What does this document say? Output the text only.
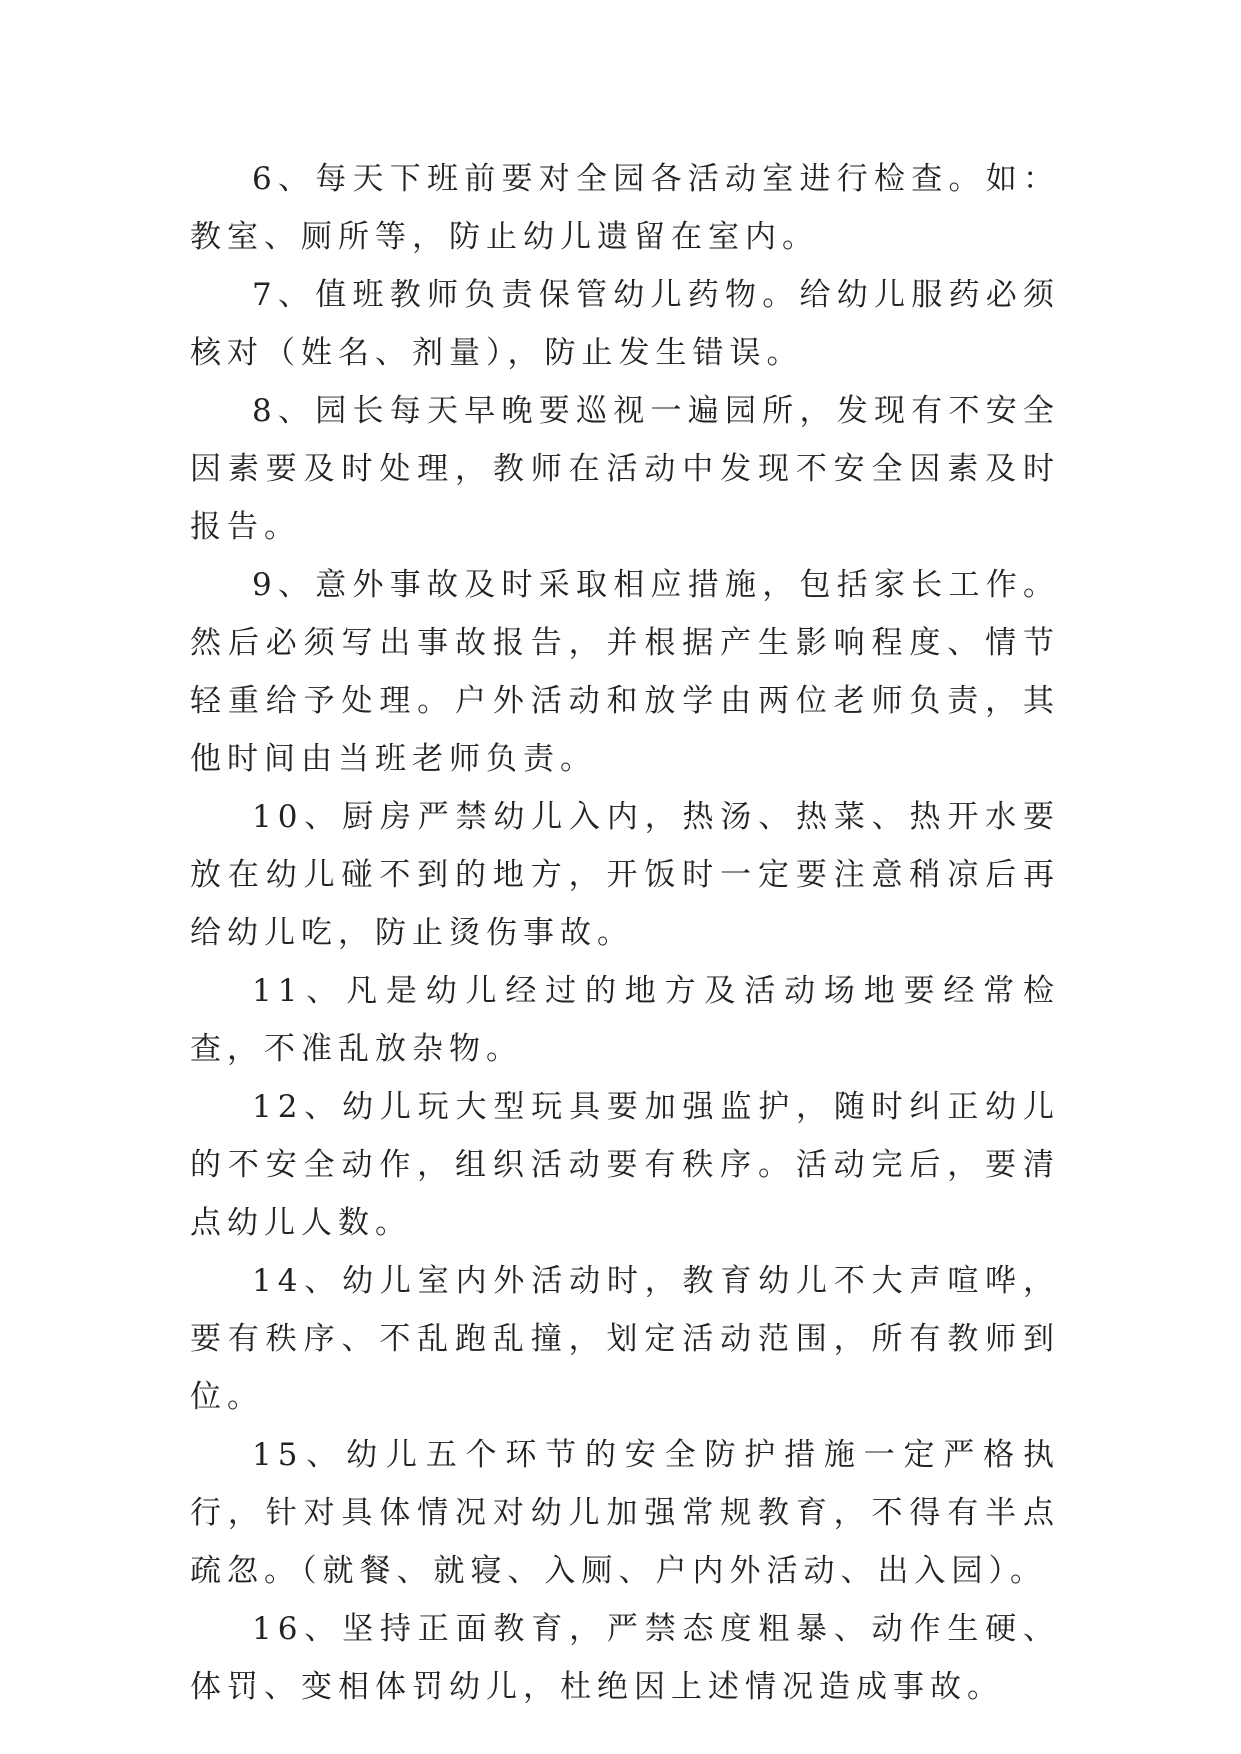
6、每天下班前要对全园各活动室进行检查。如：教室、厕所等，防止幼儿遗留在室内。

7、值班教师负责保管幼儿药物。给幼儿服药必须核对（姓名、剂量），防止发生错误。

8、园长每天早晚要巡视一遍园所，发现有不安全因素要及时处理，教师在活动中发现不安全因素及时报告。

9、意外事故及时采取相应措施，包括家长工作。然后必须写出事故报告，并根据产生影响程度、情节轻重给予处理。户外活动和放学由两位老师负责，其他时间由当班老师负责。

10、厨房严禁幼儿入内，热汤、热菜、热开水要放在幼儿碰不到的地方，开饭时一定要注意稍凉后再给幼儿吃，防止烫伤事故。

11、凡是幼儿经过的地方及活动场地要经常检查，不准乱放杂物。

12、幼儿玩大型玩具要加强监护，随时纠正幼儿的不安全动作，组织活动要有秩序。活动完后，要清点幼儿人数。

14、幼儿室内外活动时，教育幼儿不大声喧哗，要有秩序、不乱跑乱撞，划定活动范围，所有教师到位。

15、幼儿五个环节的安全防护措施一定严格执行，针对具体情况对幼儿加强常规教育，不得有半点疏忽。（就餐、就寝、入厕、户内外活动、出入园）。

16、坚持正面教育，严禁态度粗暴、动作生硬、体罚、变相体罚幼儿，杜绝因上述情况造成事故。
